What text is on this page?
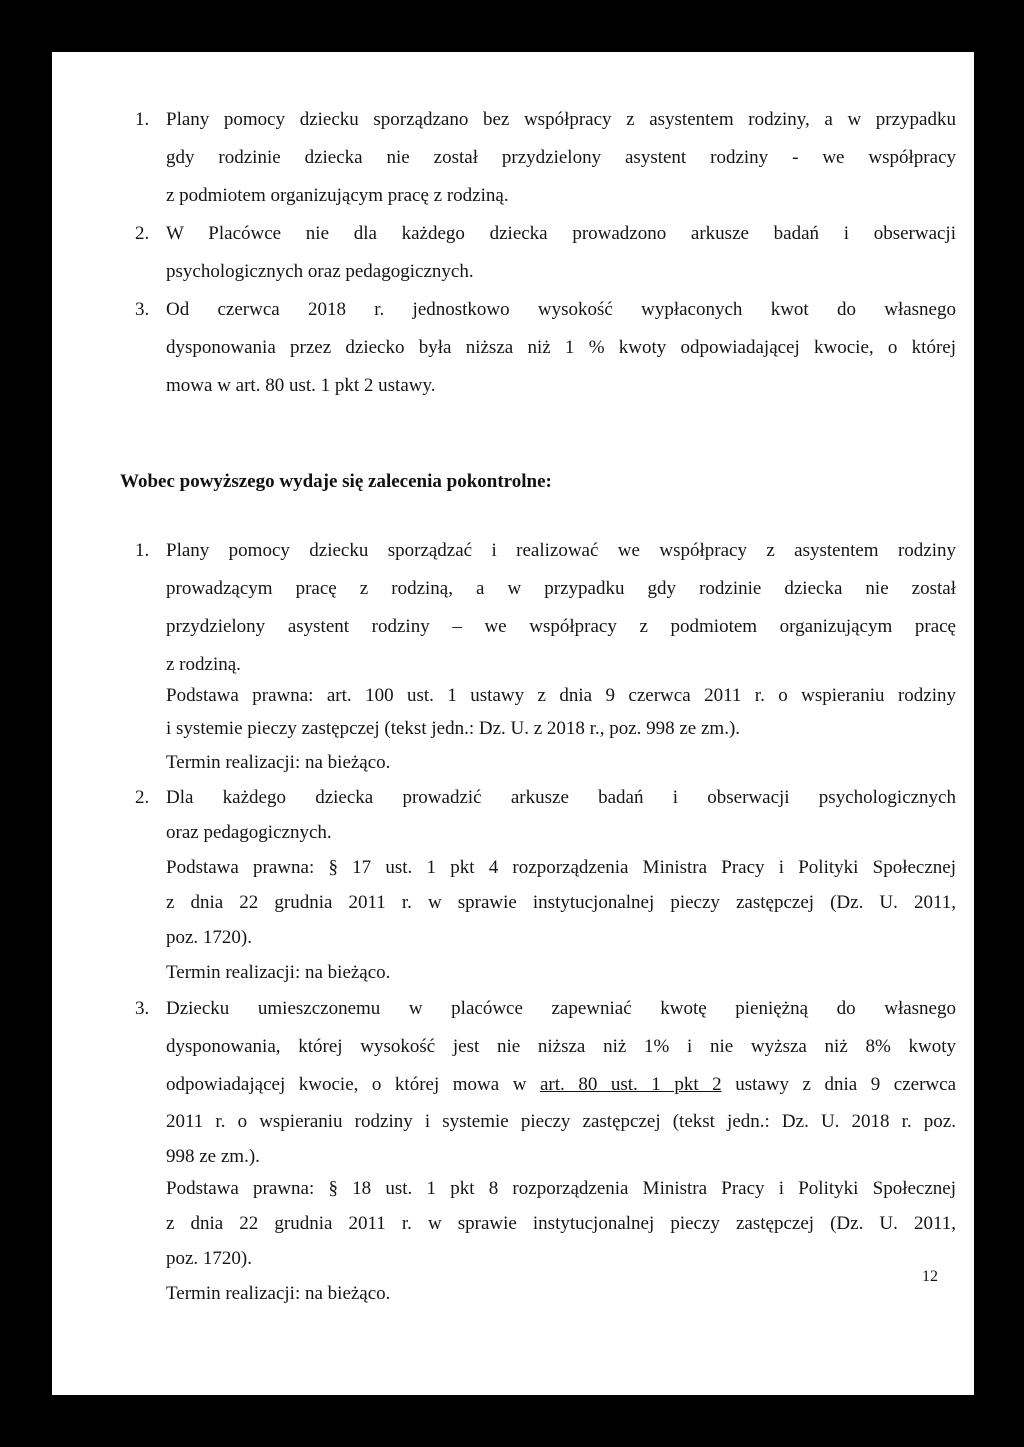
1. Plany pomocy dziecku sporządzano bez współpracy z asystentem rodziny, a w przypadku
gdy rodzinie dziecka nie został przydzielony asystent rodziny - we współpracy
z podmiotem organizującym pracę z rodziną.
2. W Placówce nie dla każdego dziecka prowadzono arkusze badań i obserwacji
psychologicznych oraz pedagogicznych.
3. Od czerwca 2018 r. jednostkowo wysokość wypłaconych kwot do własnego
dysponowania przez dziecko była niższa niż 1 % kwoty odpowiadającej kwocie, o której
mowa w art. 80 ust. 1 pkt 2 ustawy.
Wobec powyższego wydaje się zalecenia pokontrolne:
1. Plany pomocy dziecku sporządzać i realizować we współpracy z asystentem rodziny
prowadzącym pracę z rodziną, a w przypadku gdy rodzinie dziecka nie został
przydzielony asystent rodziny – we współpracy z podmiotem organizującym pracę
z rodziną.
Podstawa prawna: art. 100 ust. 1 ustawy z dnia 9 czerwca 2011 r. o wspieraniu rodziny
i systemie pieczy zastępczej (tekst jedn.: Dz. U. z 2018 r., poz. 998 ze zm.).
Termin realizacji: na bieżąco.
2. Dla każdego dziecka prowadzić arkusze badań i obserwacji psychologicznych
oraz pedagogicznych.
Podstawa prawna: § 17 ust. 1 pkt 4 rozporządzenia Ministra Pracy i Polityki Społecznej
z dnia 22 grudnia 2011 r. w sprawie instytucjonalnej pieczy zastępczej (Dz. U. 2011,
poz. 1720).
Termin realizacji: na bieżąco.
3. Dziecku umieszczonemu w placówce zapewniać kwotę pieniężną do własnego
dysponowania, której wysokość jest nie niższa niż 1% i nie wyższa niż 8% kwoty
odpowiadającej kwocie, o której mowa w art. 80 ust. 1 pkt 2 ustawy z dnia 9 czerwca
2011 r. o wspieraniu rodziny i systemie pieczy zastępczej (tekst jedn.: Dz. U. 2018 r. poz.
998 ze zm.).
Podstawa prawna: § 18 ust. 1 pkt 8 rozporządzenia Ministra Pracy i Polityki Społecznej
z dnia 22 grudnia 2011 r. w sprawie instytucjonalnej pieczy zastępczej (Dz. U. 2011,
poz. 1720).
Termin realizacji: na bieżąco.
12
